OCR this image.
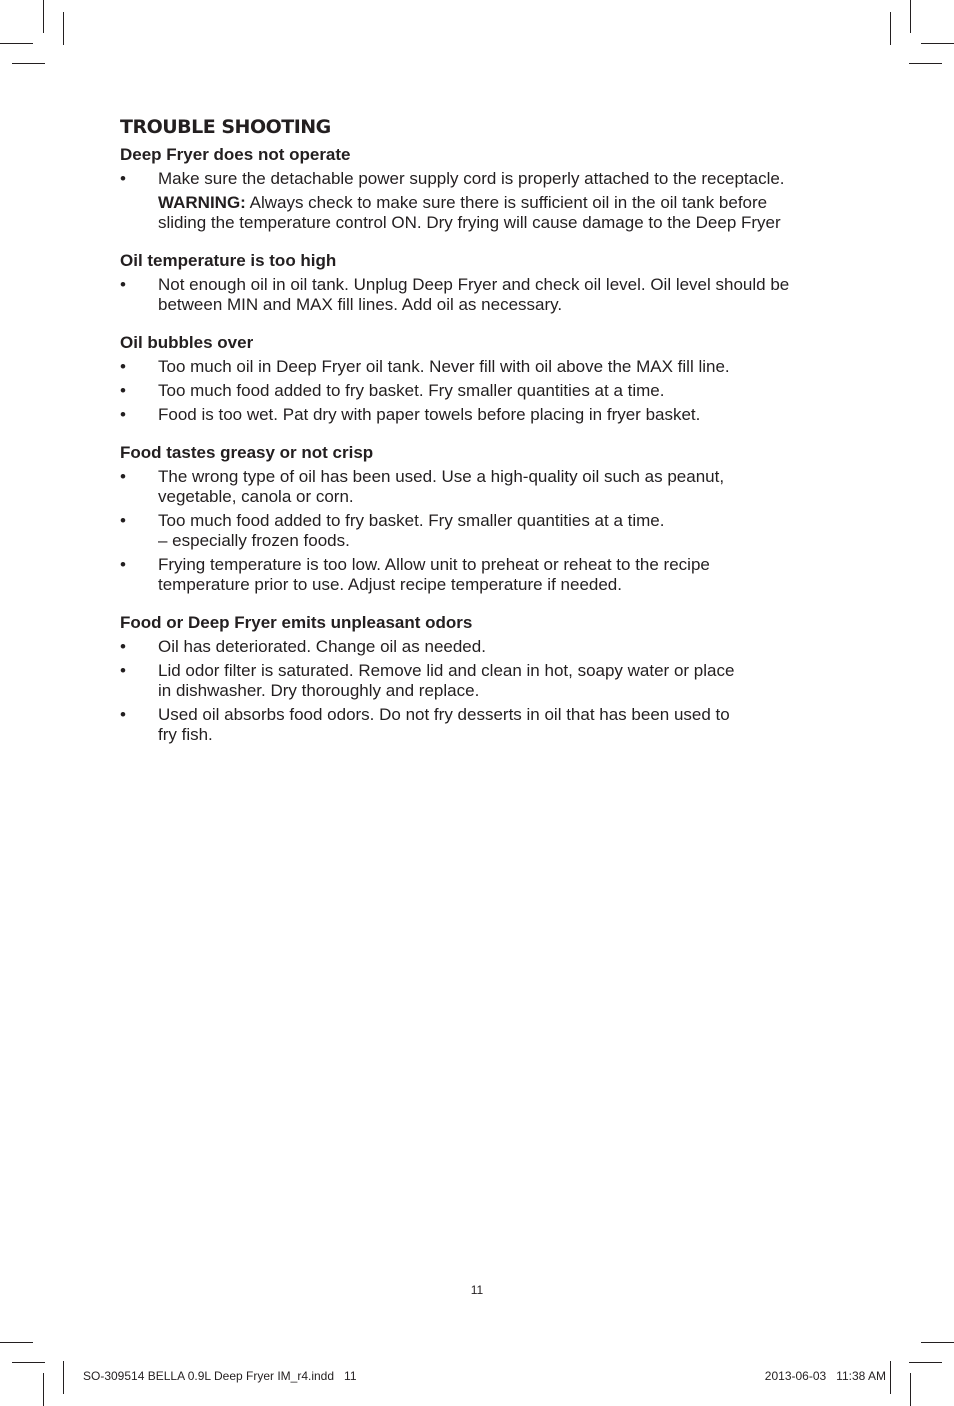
TROUBLE SHOOTING
Deep Fryer does not operate
• Make sure the detachable power supply cord is properly attached to the receptacle.
WARNING: Always check to make sure there is sufficient oil in the oil tank before
sliding the temperature control ON. Dry frying will cause damage to the Deep Fryer
Oil temperature is too high
• Not enough oil in oil tank. Unplug Deep Fryer and check oil level. Oil level should be
between MIN and MAX fill lines. Add oil as necessary.
Oil bubbles over
• Too much oil in Deep Fryer oil tank. Never fill with oil above the MAX fill line.
• Too much food added to fry basket. Fry smaller quantities at a time.
• Food is too wet. Pat dry with paper towels before placing in fryer basket.
Food tastes greasy or not crisp
• The wrong type of oil has been used. Use a high-quality oil such as peanut,
vegetable, canola or corn.
• Too much food added to fry basket. Fry smaller quantities at a time.
– especially frozen foods.
• Frying temperature is too low. Allow unit to preheat or reheat to the recipe
temperature prior to use. Adjust recipe temperature if needed.
Food or Deep Fryer emits unpleasant odors
• Oil has deteriorated. Change oil as needed.
• Lid odor filter is saturated. Remove lid and clean in hot, soapy water or place
in dishwasher. Dry thoroughly and replace.
• Used oil absorbs food odors. Do not fry desserts in oil that has been used to
fry fish.
11
SO-309514 BELLA 0.9L Deep Fryer IM_r4.indd   11	2013-06-03   11:38 AM
